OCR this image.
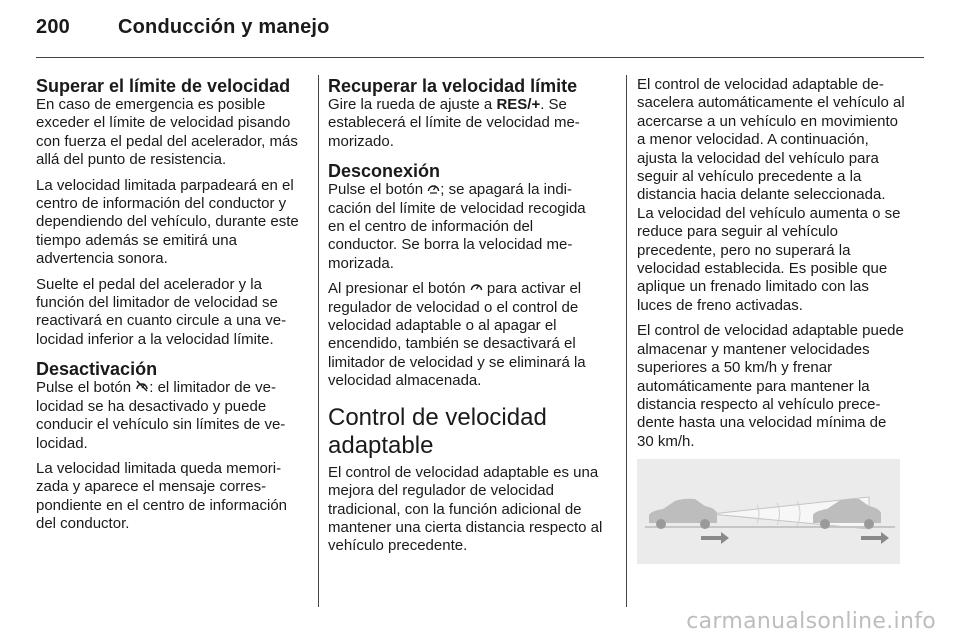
200 Conducción y manejo
Superar el límite de velocidad

En caso de emergencia es posible exceder el límite de velocidad pisando con fuerza el pedal del acelerador, más allá del punto de resistencia.

La velocidad limitada parpadeará en el centro de información del conductor y dependiendo del vehículo, durante este tiempo además se emitirá una advertencia sonora.

Suelte el pedal del acelerador y la función del limitador de velocidad se reactivará en cuanto circule a una velocidad inferior a la velocidad límite.

Desactivación

Pulse el botón : el limitador de velocidad se ha desactivado y puede conducir el vehículo sin límites de velocidad.

La velocidad limitada queda memorizada y aparece el mensaje correspondiente en el centro de información del conductor.

Recuperar la velocidad límite

Gire la rueda de ajuste a RES/+. Se establecerá el límite de velocidad memorizado.

Desconexión

Pulse el botón ; se apagará la indicación del límite de velocidad recogida en el centro de información del conductor. Se borra la velocidad memorizada.

Al presionar el botón  para activar el regulador de velocidad o el control de velocidad adaptable o al apagar el encendido, también se desactivará el limitador de velocidad y se eliminará la velocidad almacenada.

Control de velocidad adaptable

El control de velocidad adaptable es una mejora del regulador de velocidad tradicional, con la función adicional de mantener una cierta distancia respecto al vehículo precedente.

El control de velocidad adaptable desacelera automáticamente el vehículo al acercarse a un vehículo en movimiento a menor velocidad. A continuación, ajusta la velocidad del vehículo para seguir al vehículo precedente a la distancia hacia delante seleccionada. La velocidad del vehículo aumenta o se reduce para seguir al vehículo precedente, pero no superará la velocidad establecida. Es posible que aplique un frenado limitado con las luces de freno activadas.

El control de velocidad adaptable puede almacenar y mantener velocidades superiores a 50 km/h y frenar automáticamente para mantener la distancia respecto al vehículo precedente hasta una velocidad mínima de 30 km/h.

carmanualsonline.info
